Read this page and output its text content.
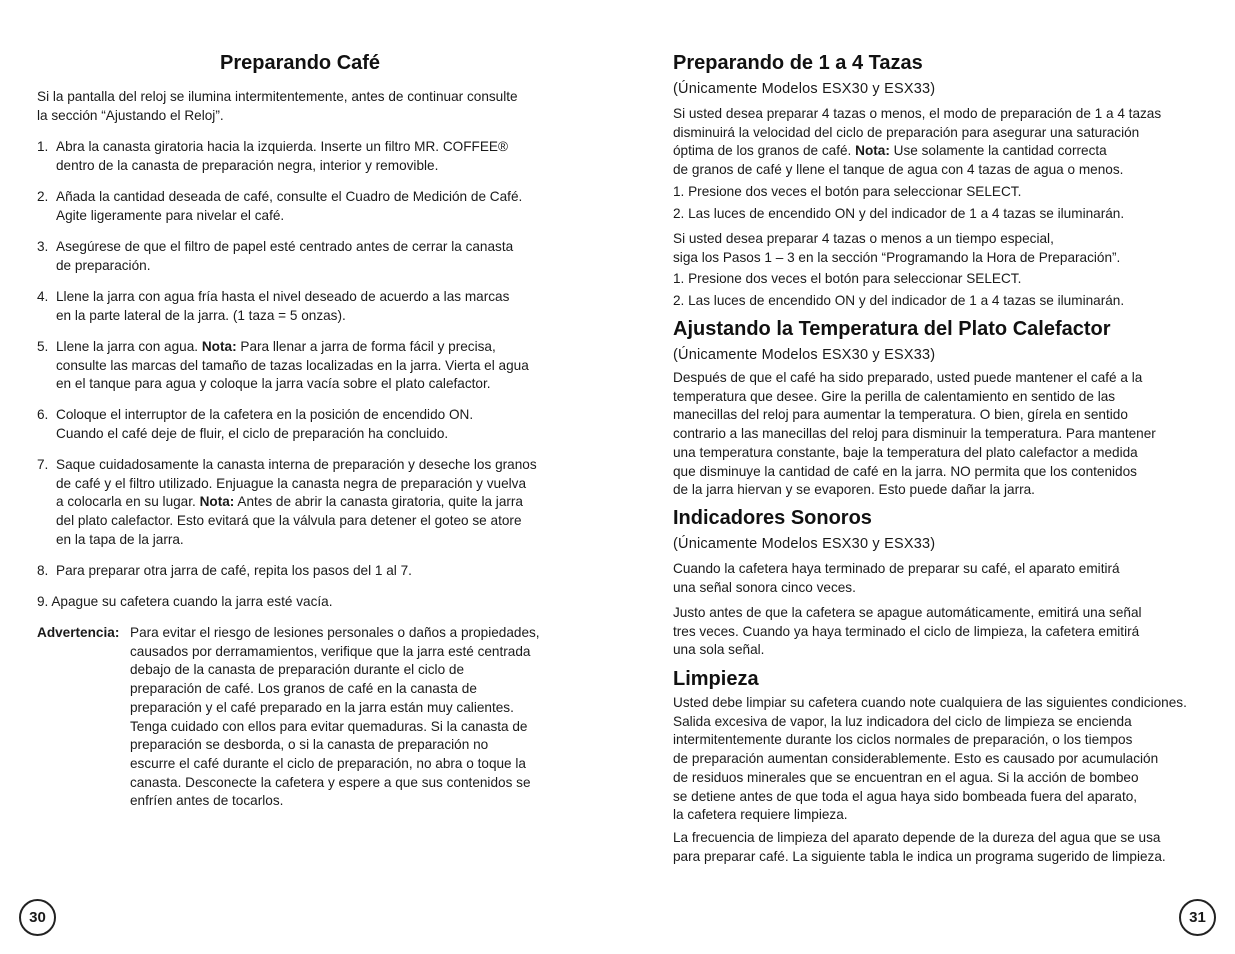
Preparando Café
Si la pantalla del reloj se ilumina intermitentemente, antes de continuar consulte
la sección “Ajustando el Reloj”.
1. Abra la canasta giratoria hacia la izquierda. Inserte un filtro MR. COFFEE®
dentro de la canasta de preparación negra, interior y removible.
2. Añada la cantidad deseada de café, consulte el Cuadro de Medición de Café.
Agite ligeramente para nivelar el café.
3. Asegúrese de que el filtro de papel esté centrado antes de cerrar la canasta
de preparación.
4. Llene la jarra con agua fría hasta el nivel deseado de acuerdo a las marcas
en la parte lateral de la jarra. (1 taza = 5 onzas).
5. Llene la jarra con agua. Nota: Para llenar a jarra de forma fácil y precisa,
consulte las marcas del tamaño de tazas localizadas en la jarra. Vierta el agua
en el tanque para agua y coloque la jarra vacía sobre el plato calefactor.
6. Coloque el interruptor de la cafetera en la posición de encendido ON.
Cuando el café deje de fluir, el ciclo de preparación ha concluido.
7. Saque cuidadosamente la canasta interna de preparación y deseche los granos
de café y el filtro utilizado. Enjuague la canasta negra de preparación y vuelva
a colocarla en su lugar. Nota: Antes de abrir la canasta giratoria, quite la jarra
del plato calefactor. Esto evitará que la válvula para detener el goteo se atore
en la tapa de la jarra.
8. Para preparar otra jarra de café, repita los pasos del 1 al 7.
9. Apague su cafetera cuando la jarra esté vacía.
Advertencia: Para evitar el riesgo de lesiones personales o daños a propiedades,
causados por derramamientos, verifique que la jarra esté centrada
debajo de la canasta de preparación durante el ciclo de
preparación de café. Los granos de café en la canasta de
preparación y el café preparado en la jarra están muy calientes.
Tenga cuidado con ellos para evitar quemaduras. Si la canasta de
preparación se desborda, o si la canasta de preparación no
escurre el café durante el ciclo de preparación, no abra o toque la
canasta. Desconecte la cafetera y espere a que sus contenidos se
enfríen antes de tocarlos.
30
Preparando de 1 a 4 Tazas
(Únicamente Modelos ESX30 y ESX33)
Si usted desea preparar 4 tazas o menos, el modo de preparación de 1 a 4 tazas
disminuirá la velocidad del ciclo de preparación para asegurar una saturación
óptima de los granos de café. Nota: Use solamente la cantidad correcta
de granos de café y llene el tanque de agua con 4 tazas de agua o menos.
1. Presione dos veces el botón para seleccionar SELECT.
2. Las luces de encendido ON y del indicador de 1 a 4 tazas se iluminarán.
Si usted desea preparar 4 tazas o menos a un tiempo especial,
siga los Pasos 1 – 3 en la sección “Programando la Hora de Preparación”.
1. Presione dos veces el botón para seleccionar SELECT.
2. Las luces de encendido ON y del indicador de 1 a 4 tazas se iluminarán.
Ajustando la Temperatura del Plato Calefactor
(Únicamente Modelos ESX30 y ESX33)
Después de que el café ha sido preparado, usted puede mantener el café a la
temperatura que desee. Gire la perilla de calentamiento en sentido de las
manecillas del reloj para aumentar la temperatura. O bien, gírela en sentido
contrario a las manecillas del reloj para disminuir la temperatura. Para mantener
una temperatura constante, baje la temperatura del plato calefactor a medida
que disminuye la cantidad de café en la jarra. NO permita que los contenidos
de la jarra hiervan y se evaporen. Esto puede dañar la jarra.
Indicadores Sonoros
(Únicamente Modelos ESX30 y ESX33)
Cuando la cafetera haya terminado de preparar su café, el aparato emitirá
una señal sonora cinco veces.
Justo antes de que la cafetera se apague automáticamente, emitirá una señal
tres veces. Cuando ya haya terminado el ciclo de limpieza, la cafetera emitirá
una sola señal.
Limpieza
Usted debe limpiar su cafetera cuando note cualquiera de las siguientes condiciones.
Salida excesiva de vapor, la luz indicadora del ciclo de limpieza se encienda
intermitentemente durante los ciclos normales de preparación, o los tiempos
de preparación aumentan considerablemente. Esto es causado por acumulación
de residuos minerales que se encuentran en el agua. Si la acción de bombeo
se detiene antes de que toda el agua haya sido bombeada fuera del aparato,
la cafetera requiere limpieza.
La frecuencia de limpieza del aparato depende de la dureza del agua que se usa
para preparar café. La siguiente tabla le indica un programa sugerido de limpieza.
31
